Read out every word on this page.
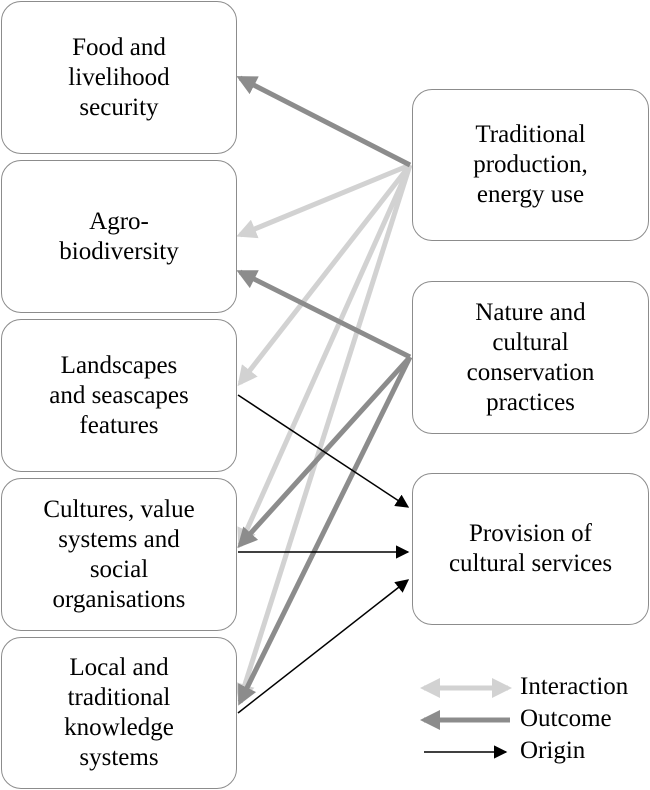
Food and
livelihood
security
Agro-
biodiversity
Landscapes
and seascapes
features
Cultures, value
systems and
social
organisations
Local and
traditional
knowledge
systems
Traditional
production,
energy use
Nature and
cultural
conservation
practices
Provision of
cultural services
Interaction
Outcome
Origin
